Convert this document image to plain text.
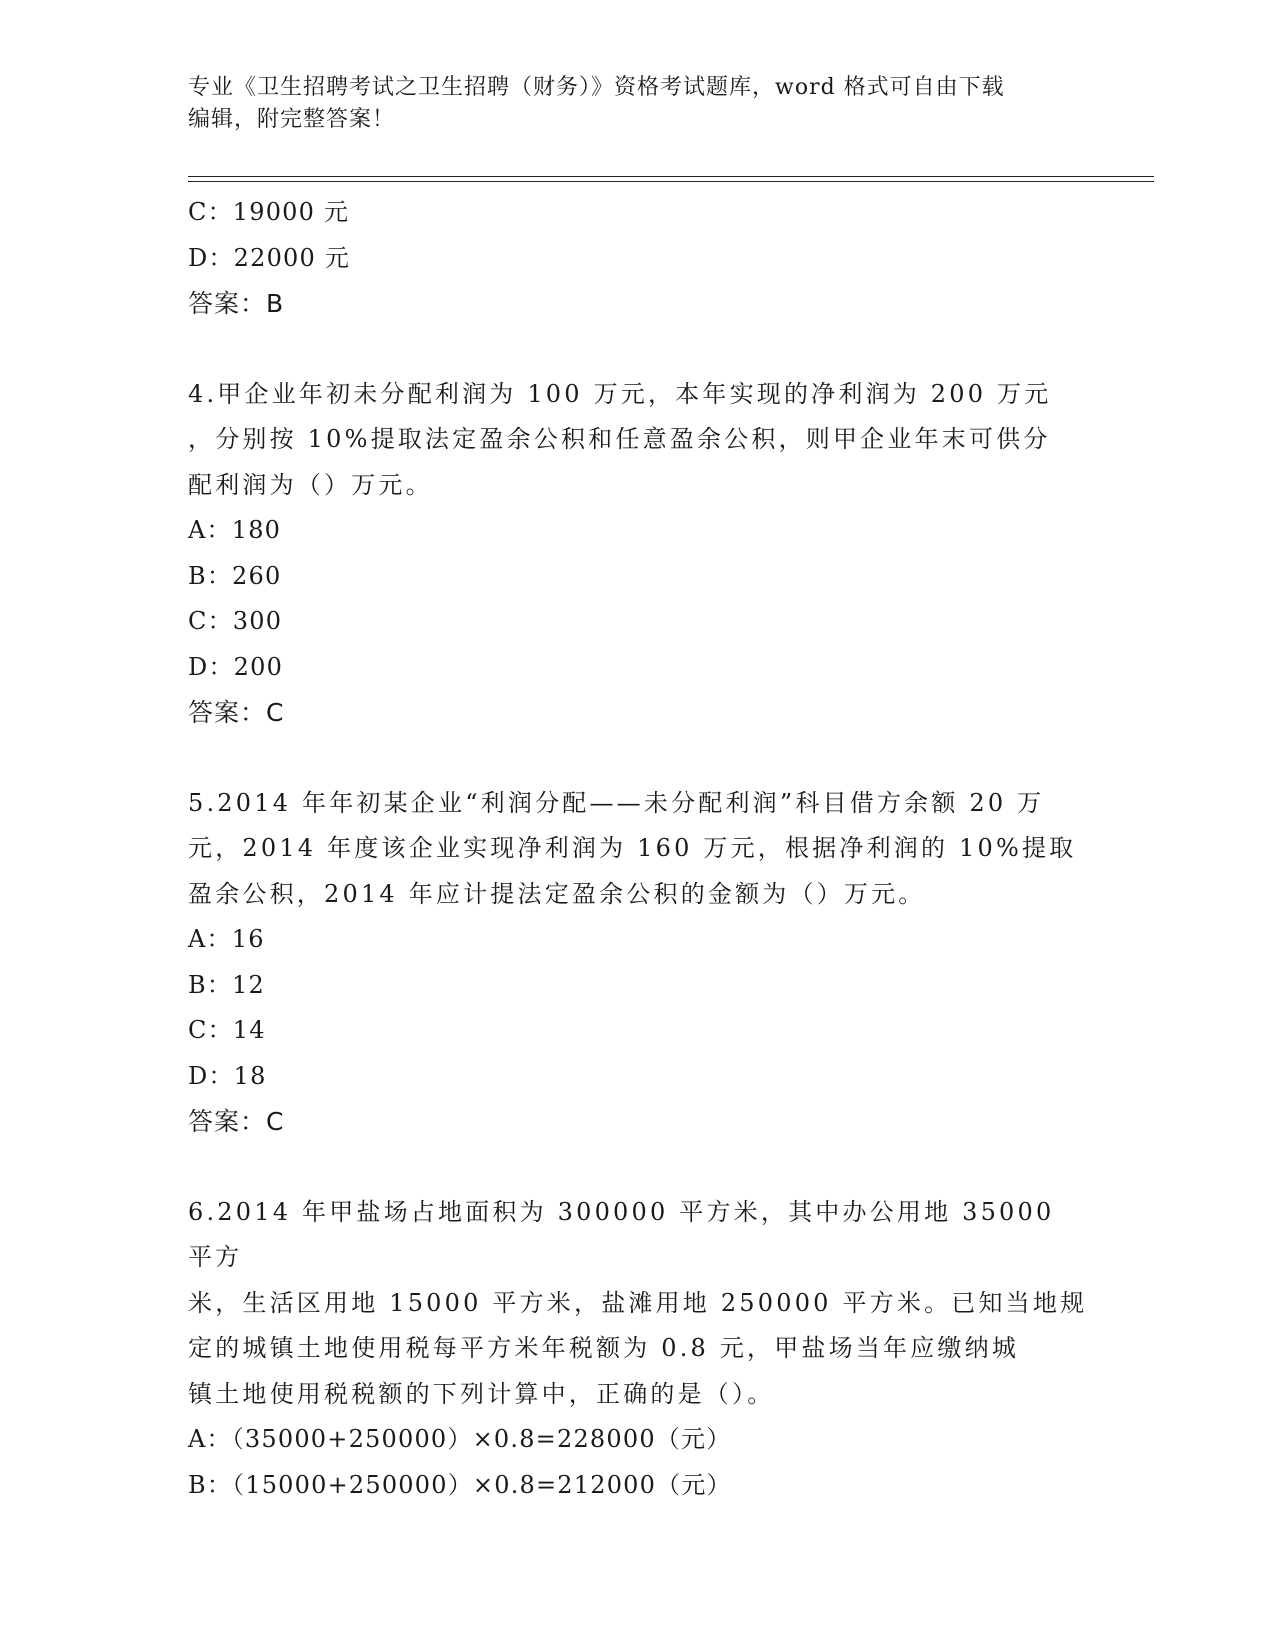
专业《卫生招聘考试之卫生招聘（财务）》资格考试题库，word 格式可自由下载
编辑，附完整答案！
C：19000 元
D：22000 元
答案：B
4.甲企业年初未分配利润为 100 万元，本年实现的净利润为 200 万元
，分别按 10%提取法定盈余公积和任意盈余公积，则甲企业年末可供分
配利润为（）万元。
A：180
B：260
C：300
D：200
答案：C
5.2014 年年初某企业“利润分配——未分配利润”科目借方余额 20 万
元，2014 年度该企业实现净利润为 160 万元，根据净利润的 10%提取
盈余公积，2014 年应计提法定盈余公积的金额为（）万元。
A：16
B：12
C：14
D：18
答案：C
6.2014 年甲盐场占地面积为 300000 平方米，其中办公用地 35000 平方
米，生活区用地 15000 平方米，盐滩用地 250000 平方米。已知当地规
定的城镇土地使用税每平方米年税额为 0.8 元，甲盐场当年应缴纳城
镇土地使用税税额的下列计算中，正确的是（）。
A：（35000+250000）×0.8=228000（元）
B：（15000+250000）×0.8=212000（元）
